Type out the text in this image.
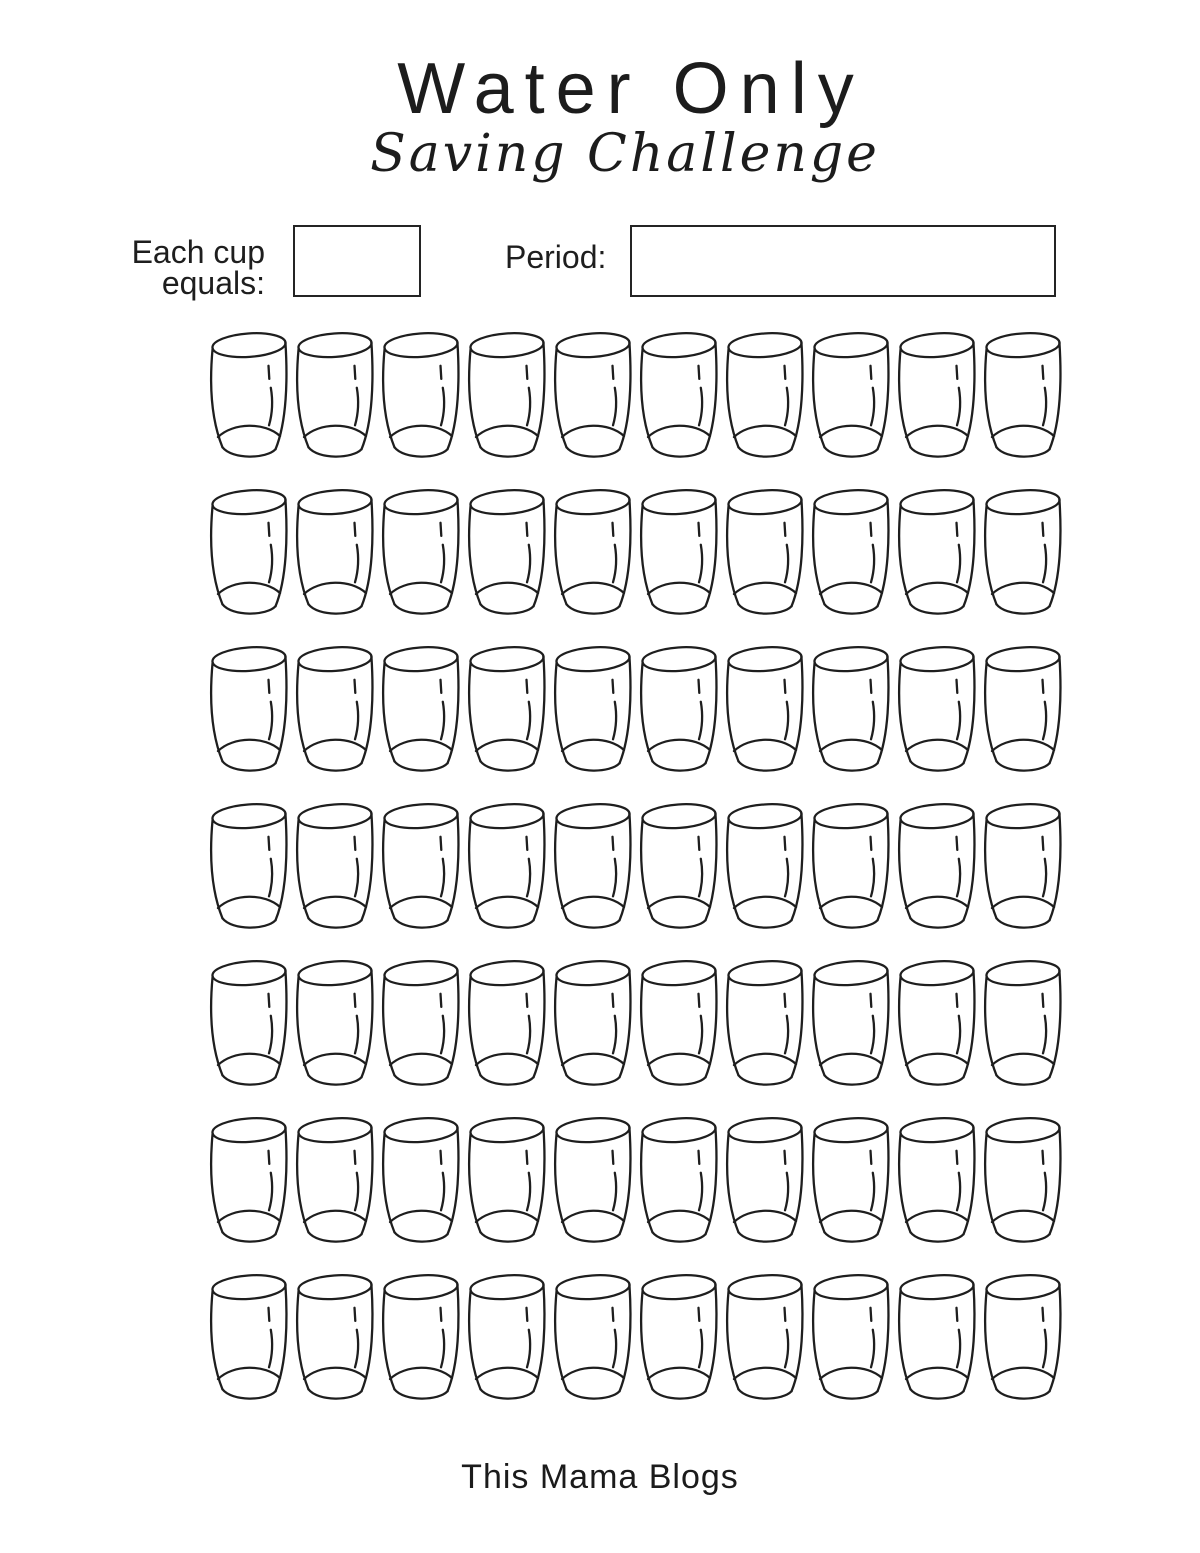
Water Only
Saving Challenge
Each cup
equals:
Period:
This Mama Blogs
